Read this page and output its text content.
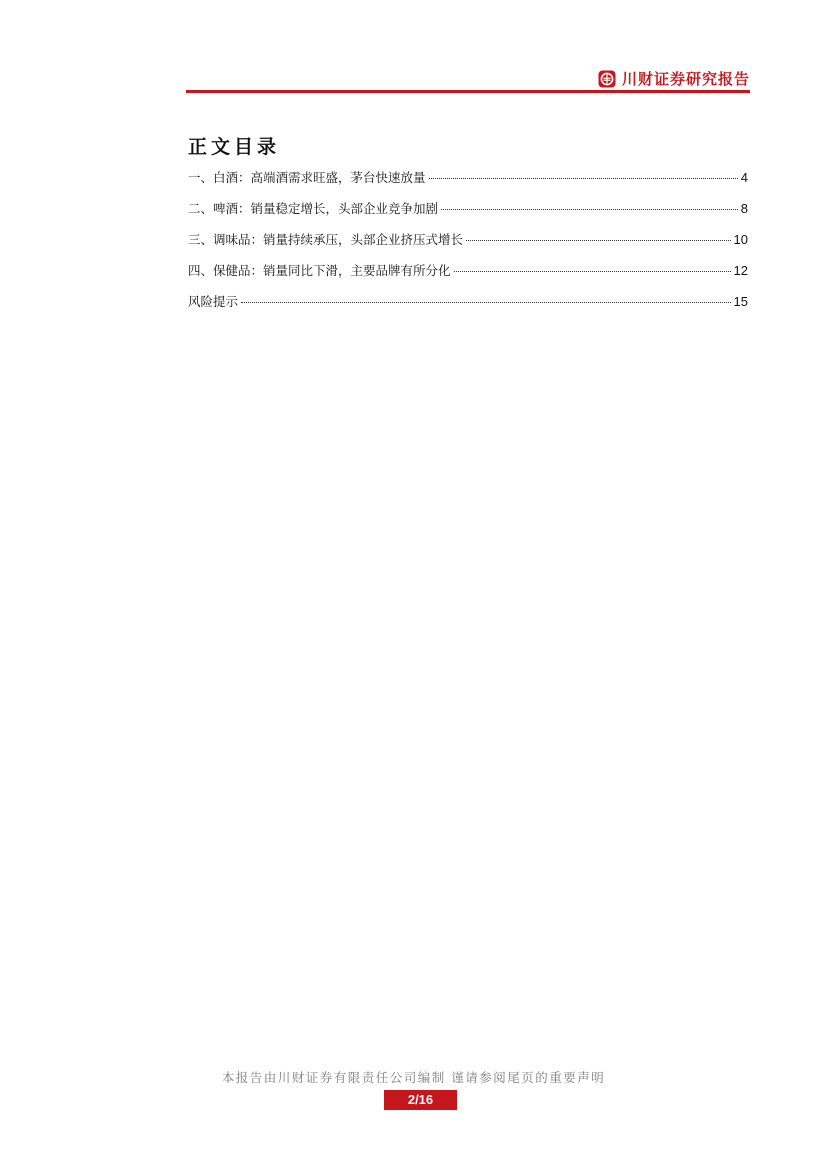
川财证券研究报告
正文目录
一、白酒：高端酒需求旺盛，茅台快速放量	4
二、啤酒：销量稳定增长，头部企业竞争加剧	8
三、调味品：销量持续承压，头部企业挤压式增长	10
四、保健品：销量同比下滑，主要品牌有所分化	12
风险提示	15
本报告由川财证券有限责任公司编制 谨请参阅尾页的重要声明
2/16
